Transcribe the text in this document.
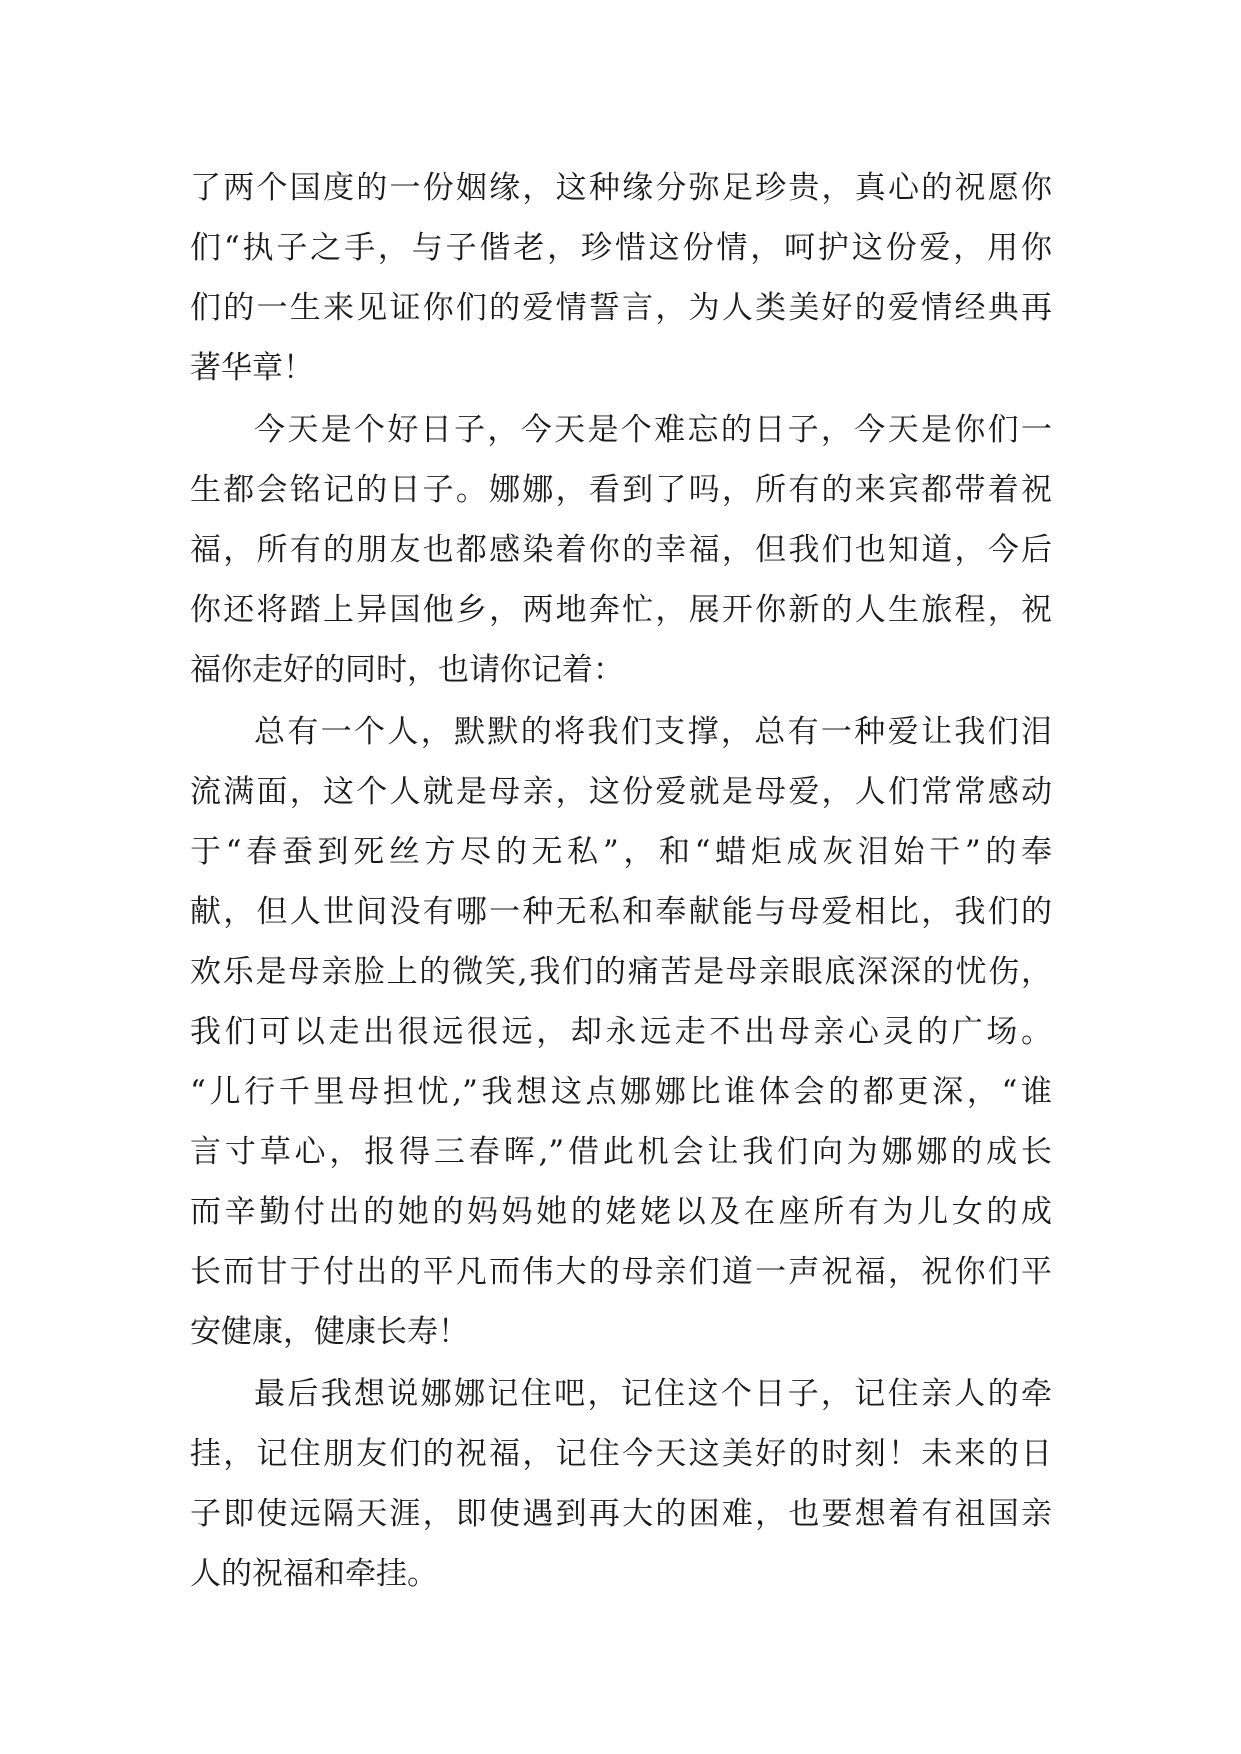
了两个国度的一份姻缘，这种缘分弥足珍贵，真心的祝愿你
们“执子之手，与子偕老，珍惜这份情，呵护这份爱，用你
们的一生来见证你们的爱情誓言，为人类美好的爱情经典再
著华章！
今天是个好日子，今天是个难忘的日子，今天是你们一
生都会铭记的日子。娜娜，看到了吗，所有的来宾都带着祝
福，所有的朋友也都感染着你的幸福，但我们也知道，今后
你还将踏上异国他乡，两地奔忙，展开你新的人生旅程，祝
福你走好的同时，也请你记着：
总有一个人，默默的将我们支撑，总有一种爱让我们泪
流满面，这个人就是母亲，这份爱就是母爱，人们常常感动
于“春蚕到死丝方尽的无私”，和“蜡炬成灰泪始干”的奉
献，但人世间没有哪一种无私和奉献能与母爱相比，我们的
欢乐是母亲脸上的微笑,我们的痛苦是母亲眼底深深的忧伤，
我们可以走出很远很远，却永远走不出母亲心灵的广场。
“儿行千里母担忧,”我想这点娜娜比谁体会的都更深，“谁
言寸草心，报得三春晖,”借此机会让我们向为娜娜的成长
而辛勤付出的她的妈妈她的姥姥以及在座所有为儿女的成
长而甘于付出的平凡而伟大的母亲们道一声祝福，祝你们平
安健康，健康长寿！
最后我想说娜娜记住吧，记住这个日子，记住亲人的牵
挂，记住朋友们的祝福，记住今天这美好的时刻！未来的日
子即使远隔天涯，即使遇到再大的困难，也要想着有祖国亲
人的祝福和牵挂。
